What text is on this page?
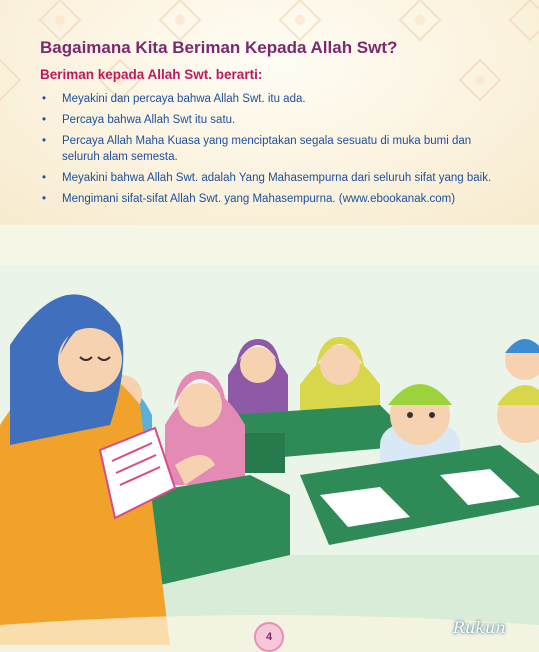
Bagaimana Kita Beriman Kepada Allah Swt?
Beriman kepada Allah Swt. berarti:
• Meyakini dan percaya bahwa Allah Swt. itu ada.
• Percaya bahwa Allah Swt itu satu.
• Percaya Allah Maha Kuasa yang menciptakan segala sesuatu di muka bumi dan seluruh alam semesta.
• Meyakini bahwa Allah Swt. adalah Yang Mahasempurna dari seluruh sifat yang baik.
• Mengimani sifat-sifat Allah Swt. yang Mahasempurna. (www.ebookanak.com)
4	Rukun
